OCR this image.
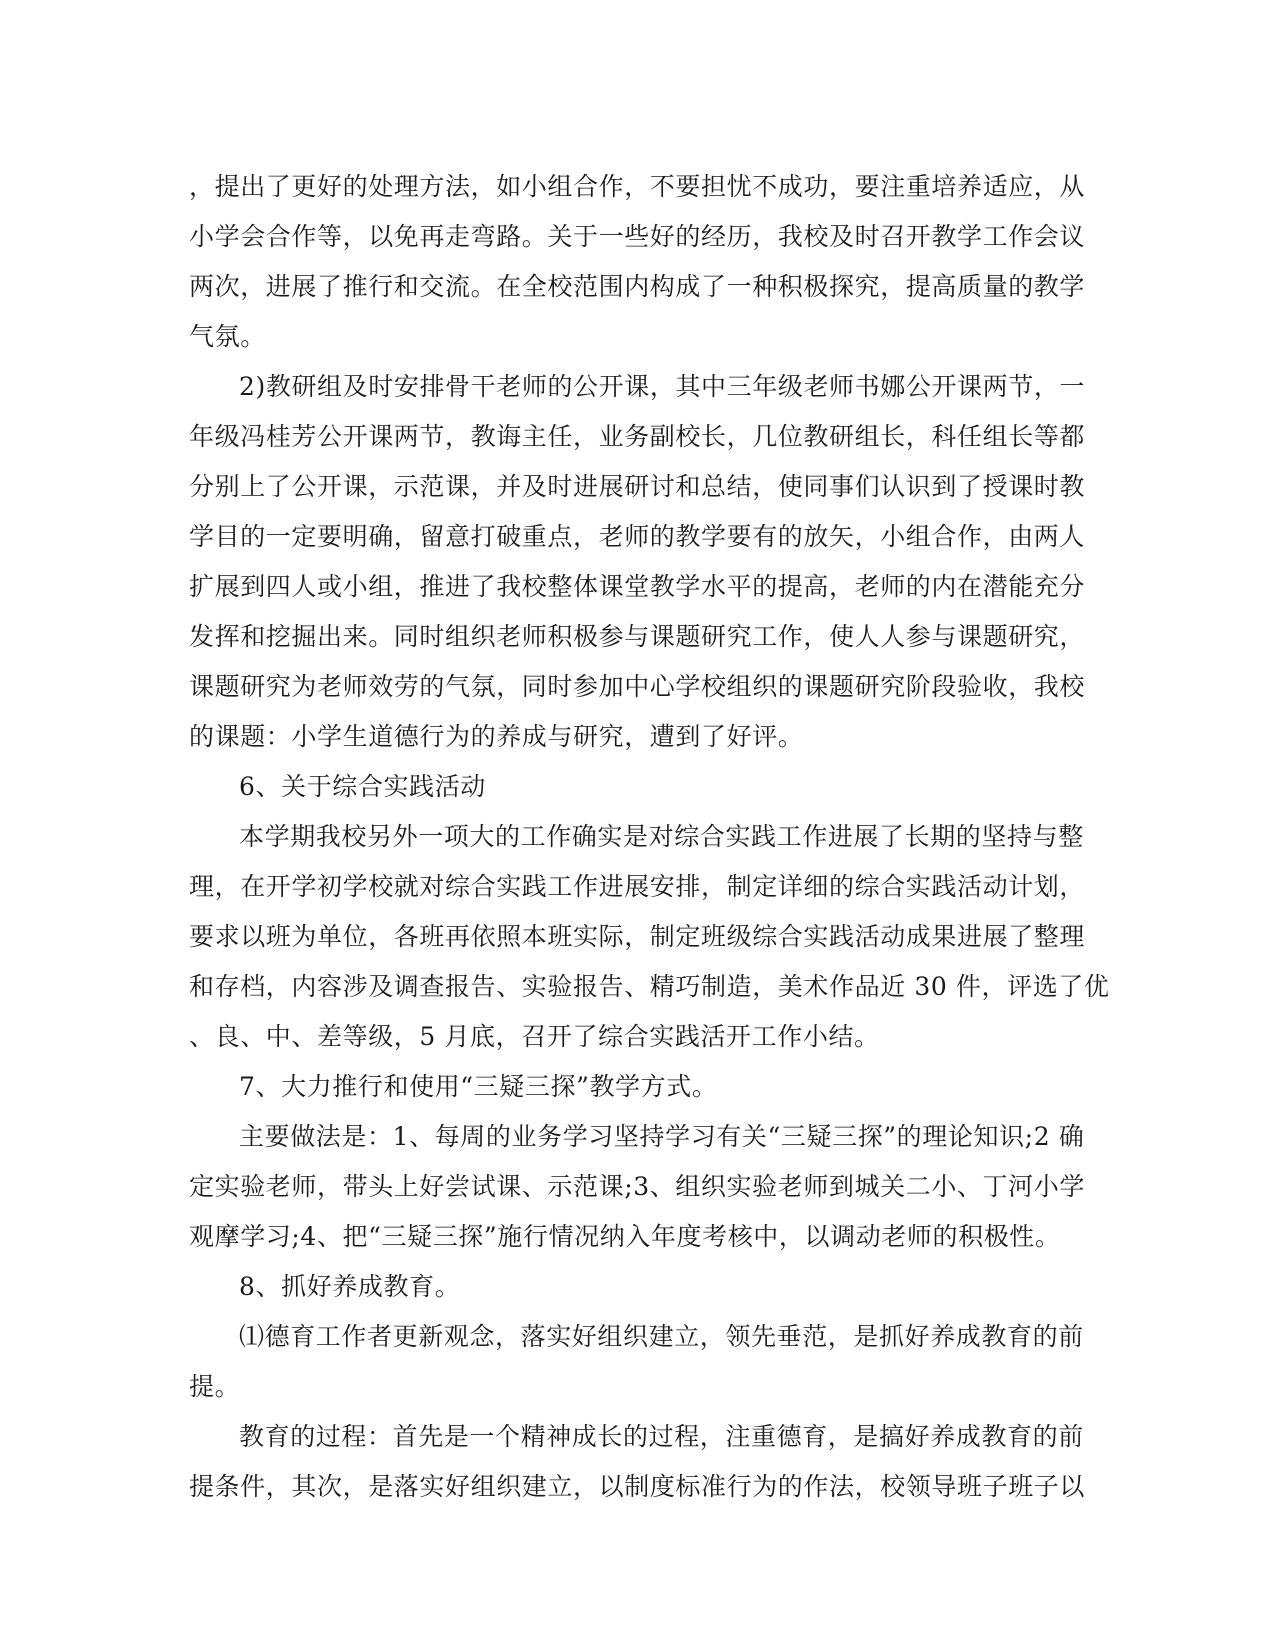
，提出了更好的处理方法，如小组合作，不要担忧不成功，要注重培养适应，从
小学会合作等，以免再走弯路。关于一些好的经历，我校及时召开教学工作会议
两次，进展了推行和交流。在全校范围内构成了一种积极探究，提高质量的教学
气氛。
2)教研组及时安排骨干老师的公开课，其中三年级老师书娜公开课两节，一
年级冯桂芳公开课两节，教诲主任，业务副校长，几位教研组长，科任组长等都
分别上了公开课，示范课，并及时进展研讨和总结，使同事们认识到了授课时教
学目的一定要明确，留意打破重点，老师的教学要有的放矢，小组合作，由两人
扩展到四人或小组，推进了我校整体课堂教学水平的提高，老师的内在潜能充分
发挥和挖掘出来。同时组织老师积极参与课题研究工作，使人人参与课题研究，
课题研究为老师效劳的气氛，同时参加中心学校组织的课题研究阶段验收，我校
的课题：小学生道德行为的养成与研究，遭到了好评。
6、关于综合实践活动
本学期我校另外一项大的工作确实是对综合实践工作进展了长期的坚持与整
理，在开学初学校就对综合实践工作进展安排，制定详细的综合实践活动计划，
要求以班为单位，各班再依照本班实际，制定班级综合实践活动成果进展了整理
和存档，内容涉及调查报告、实验报告、精巧制造，美术作品近 30 件，评选了优
、良、中、差等级，5 月底，召开了综合实践活开工作小结。
7、大力推行和使用“三疑三探”教学方式。
主要做法是：1、每周的业务学习坚持学习有关“三疑三探”的理论知识;2 确
定实验老师，带头上好尝试课、示范课;3、组织实验老师到城关二小、丁河小学
观摩学习;4、把“三疑三探”施行情况纳入年度考核中，以调动老师的积极性。
8、抓好养成教育。
⑴德育工作者更新观念，落实好组织建立，领先垂范，是抓好养成教育的前
提。
教育的过程：首先是一个精神成长的过程，注重德育，是搞好养成教育的前
提条件，其次，是落实好组织建立，以制度标准行为的作法，校领导班子班子以
